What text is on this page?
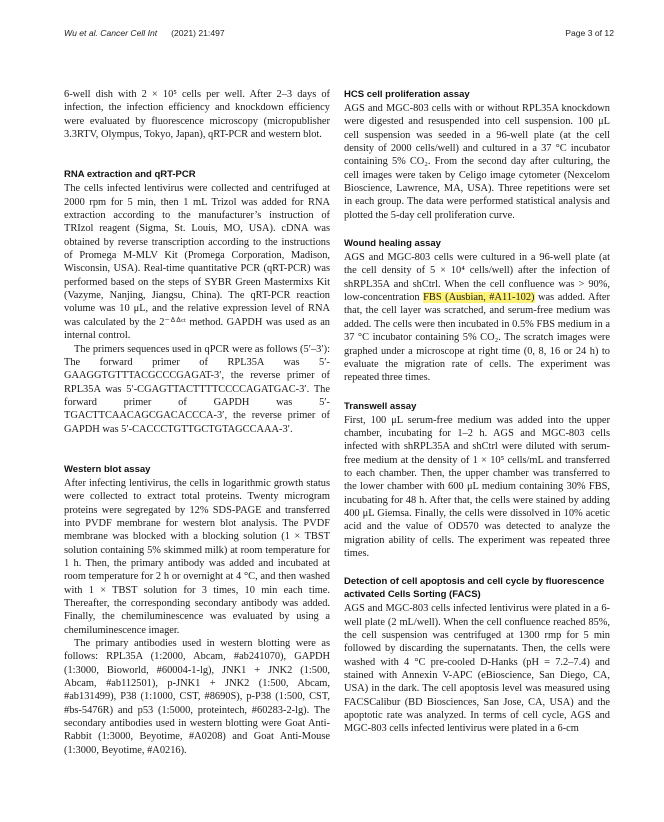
Wu et al. Cancer Cell Int (2021) 21:497	Page 3 of 12

6-well dish with 2 × 10⁵ cells per well. After 2–3 days of infection, the infection efficiency and knockdown efficiency were evaluated by fluorescence microscopy (micropublisher 3.3RTV, Olympus, Tokyo, Japan), qRT-PCR and western blot.

RNA extraction and qRT-PCR

The cells infected lentivirus were collected and centrifuged at 2000 rpm for 5 min, then 1 mL Trizol was added for RNA extraction according to the manufacturer’s instruction of TRIzol reagent (Sigma, St. Louis, MO, USA). cDNA was obtained by reverse transcription according to the instructions of Promega M-MLV Kit (Promega Corporation, Madison, Wisconsin, USA). Real-time quantitative PCR (qRT-PCR) was performed based on the steps of SYBR Green Mastermixs Kit (Vazyme, Nanjing, Jiangsu, China). The qRT-PCR reaction volume was 10 μL, and the relative expression level of RNA was calculated by the 2⁻ᐞᐞᶜᵗ method. GAPDH was used as an internal control.

The primers sequences used in qPCR were as follows (5′–3′): The forward primer of RPL35A was 5′-GAAGGTGTTTACGCCCGAGAT-3′, the reverse primer of RPL35A was 5′-CGAGTTACTTTTCCCCAGATGAC-3′. The forward primer of GAPDH was 5′-TGACTTCAACAGCGACACCCA-3′, the reverse primer of GAPDH was 5′-CACCCTGTTGCTGTAGCCAAA-3′.

Western blot assay

After infecting lentivirus, the cells in logarithmic growth status were collected to extract total proteins. Twenty microgram proteins were segregated by 12% SDS-PAGE and transferred into PVDF membrane for western blot analysis. The PVDF membrane was blocked with a blocking solution (1 × TBST solution containing 5% skimmed milk) at room temperature for 1 h. Then, the primary antibody was added and incubated at room temperature for 2 h or overnight at 4 °C, and then washed with 1 × TBST solution for 3 times, 10 min each time. Thereafter, the corresponding secondary antibody was added. Finally, the chemiluminescence was evaluated by using a chemiluminescence imager.

The primary antibodies used in western blotting were as follows: RPL35A (1:2000, Abcam, #ab241070), GAPDH (1:3000, Bioworld, #60004-1-lg), JNK1 + JNK2 (1:500, Abcam, #ab112501), p-JNK1 + JNK2 (1:500, Abcam, #ab131499), P38 (1:1000, CST, #8690S), p-P38 (1:500, CST, #bs-5476R) and p53 (1:5000, proteintech, #60283-2-lg). The secondary antibodies used in western blotting were Goat Anti-Rabbit (1:3000, Beyotime, #A0208) and Goat Anti-Mouse (1:3000, Beyotime, #A0216).

HCS cell proliferation assay

AGS and MGC-803 cells with or without RPL35A knockdown were digested and resuspended into cell suspension. 100 μL cell suspension was seeded in a 96-well plate (at the cell density of 2000 cells/well) and cultured in a 37 °C incubator containing 5% CO₂. From the second day after culturing, the cell images were taken by Celigo image cytometer (Nexcelom Bioscience, Lawrence, MA, USA). Three repetitions were set in each group. The data were performed statistical analysis and plotted the 5-day cell proliferation curve.

Wound healing assay

AGS and MGC-803 cells were cultured in a 96-well plate (at the cell density of 5 × 10⁴ cells/well) after the infection of shRPL35A and shCtrl. When the cell confluence was > 90%, low-concentration FBS (Ausbian, #A11-102) was added. After that, the cell layer was scratched, and serum-free medium was added. The cells were then incubated in 0.5% FBS medium in a 37 °C incubator containing 5% CO₂. The scratch images were graphed under a microscope at right time (0, 8, 16 or 24 h) to evaluate the migration rate of cells. The experiment was repeated three times.

Transwell assay

First, 100 μL serum-free medium was added into the upper chamber, incubating for 1–2 h. AGS and MGC-803 cells infected with shRPL35A and shCtrl were diluted with serum-free medium at the density of 1 × 10⁵ cells/mL and transferred to each chamber. Then, the upper chamber was transferred to the lower chamber with 600 μL medium containing 30% FBS, incubating for 48 h. After that, the cells were stained by adding 400 μL Giemsa. Finally, the cells were dissolved in 10% acetic acid and the value of OD570 was detected to analyze the migration ability of cells. The experiment was repeated three times.

Detection of cell apoptosis and cell cycle by fluorescence activated Cells Sorting (FACS)

AGS and MGC-803 cells infected lentivirus were plated in a 6-well plate (2 mL/well). When the cell confluence reached 85%, the cell suspension was centrifuged at 1300 rmp for 5 min followed by discarding the supernatants. Then, the cells were washed with 4 °C pre-cooled D-Hanks (pH = 7.2–7.4) and stained with Annexin V-APC (eBioscience, San Diego, CA, USA) in the dark. The cell apoptosis level was measured using FACSCalibur (BD Biosciences, San Jose, CA, USA) and the apoptotic rate was analyzed. In terms of cell cycle, AGS and MGC-803 cells infected lentivirus were plated in a 6-cm
